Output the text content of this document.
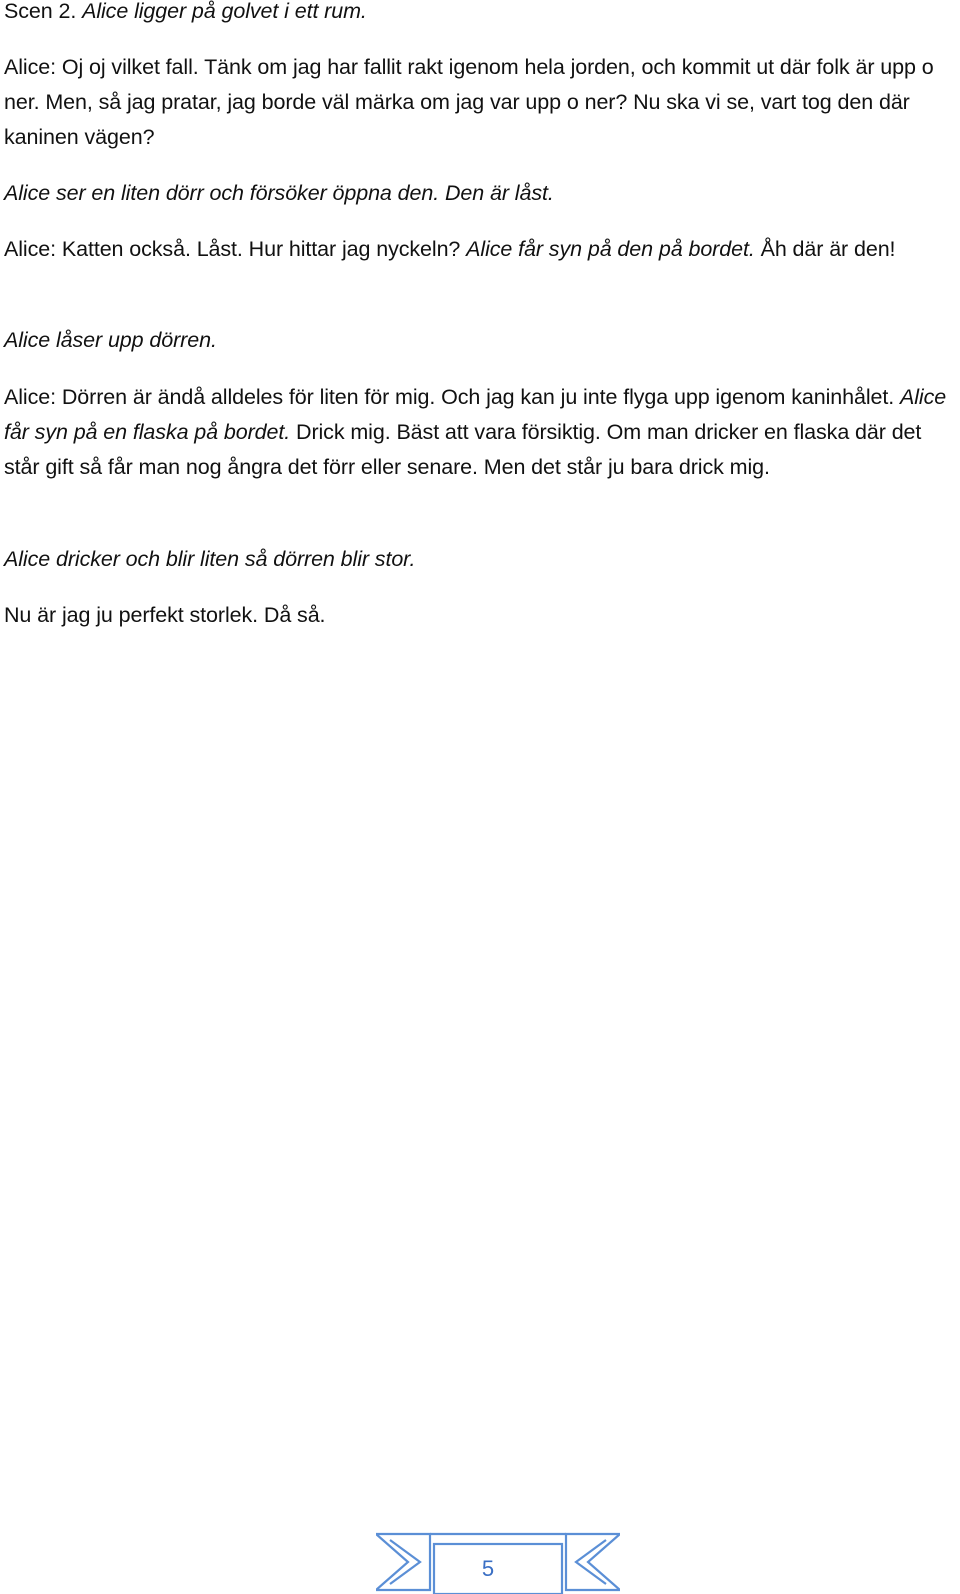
Scen 2. Alice ligger på golvet i ett rum.

Alice: Oj oj vilket fall. Tänk om jag har fallit rakt igenom hela jorden, och kommit ut där folk är upp o ner. Men, så jag pratar, jag borde väl märka om jag var upp o ner? Nu ska vi se, vart tog den där kaninen vägen?

Alice ser en liten dörr och försöker öppna den. Den är låst.

Alice: Katten också. Låst. Hur hittar jag nyckeln? Alice får syn på den på bordet. Åh där är den!

Alice låser upp dörren.

Alice: Dörren är ändå alldeles för liten för mig. Och jag kan ju inte flyga upp igenom kaninhålet. Alice får syn på en flaska på bordet. Drick mig. Bäst att vara försiktig. Om man dricker en flaska där det står gift så får man nog ångra det förr eller senare. Men det står ju bara drick mig.

Alice dricker och blir liten så dörren blir stor.

Nu är jag ju perfekt storlek. Då så.

5
